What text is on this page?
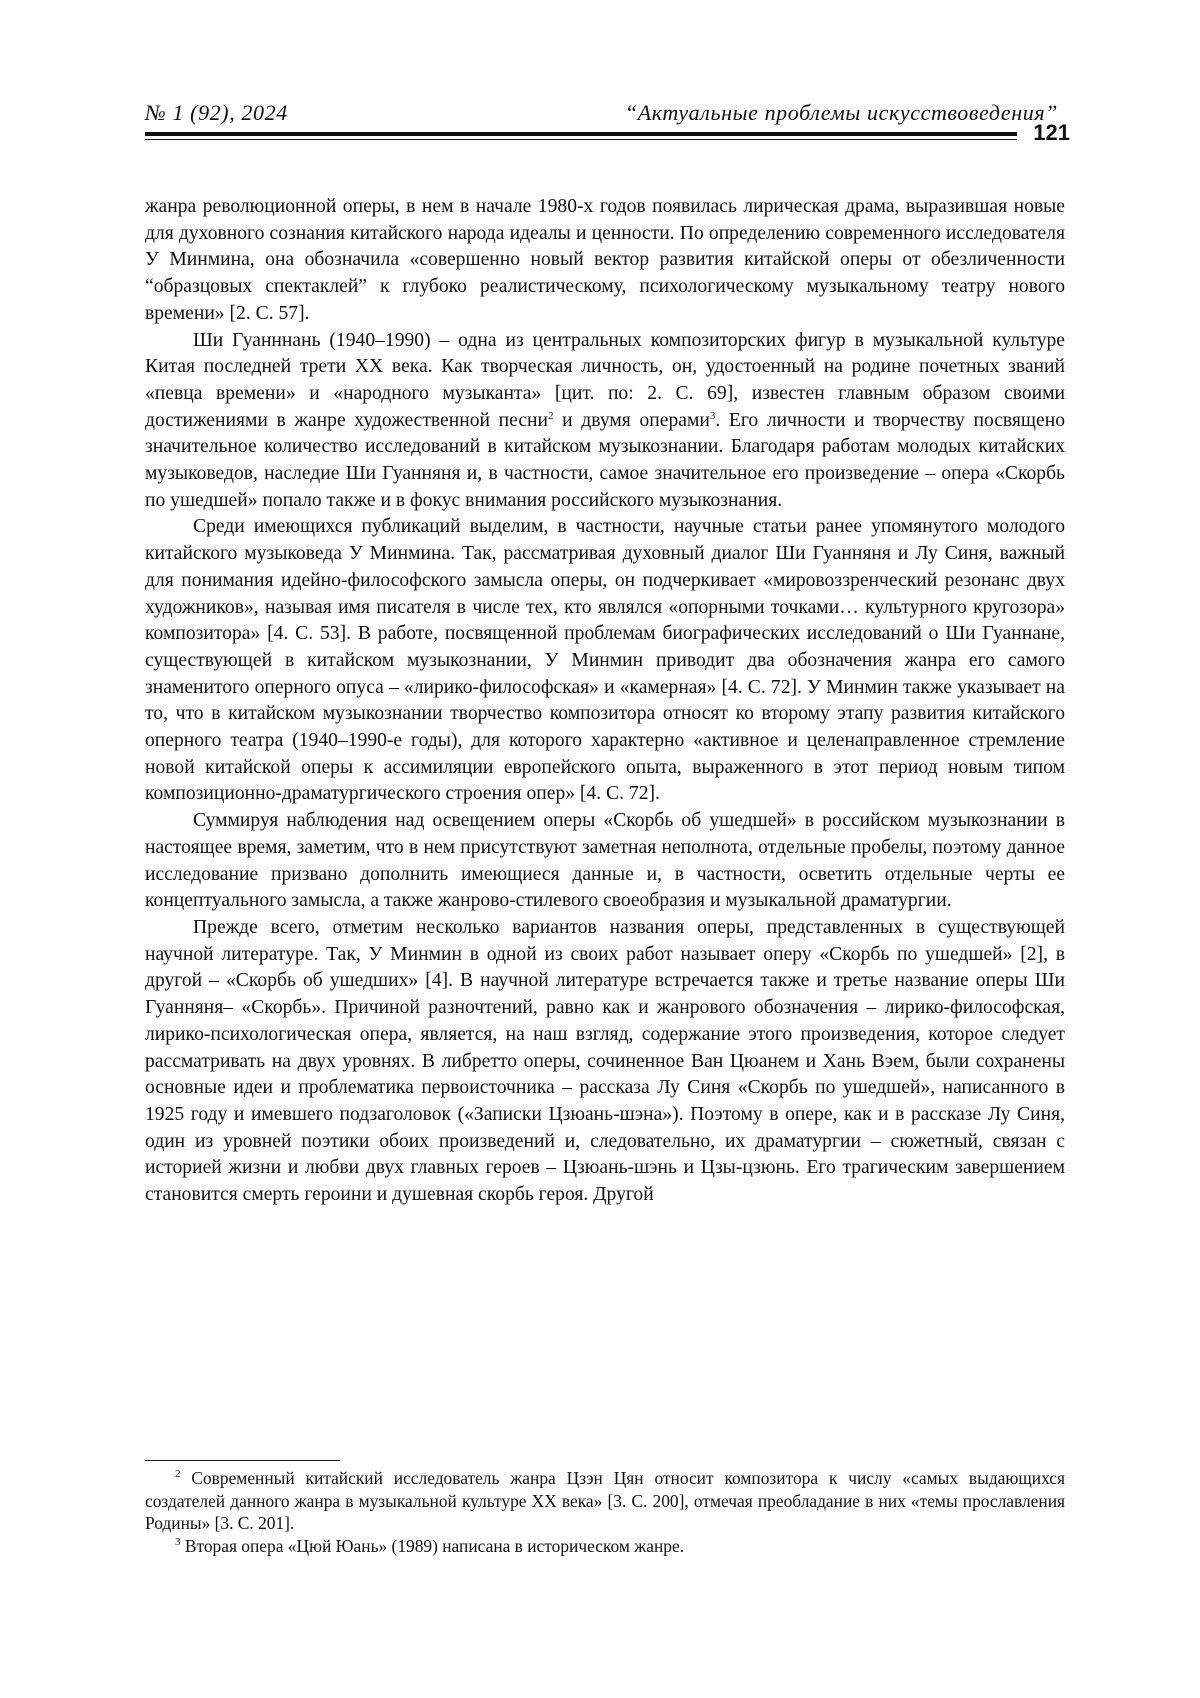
№ 1 (92), 2024	“Актуальные проблемы искусствоведения”
121

жанра революционной оперы, в нем в начале 1980-х годов появилась лирическая драма, выразившая новые для духовного сознания китайского народа идеалы и ценности. По определению современного исследователя У Минмина, она обозначила «совершенно новый вектор развития китайской оперы от обезличенности “образцовых спектаклей” к глубоко реалистическому, психологическому музыкальному театру нового времени» [2. С. 57].

Ши Гуанннань (1940–1990) – одна из центральных композиторских фигур в музыкальной культуре Китая последней трети XX века. Как творческая личность, он, удостоенный на родине почетных званий «певца времени» и «народного музыканта» [цит. по: 2. С. 69], известен главным образом своими достижениями в жанре художественной песни2 и двумя операми3. Его личности и творчеству посвящено значительное количество исследований в китайском музыкознании. Благодаря работам молодых китайских музыковедов, наследие Ши Гуанняня и, в частности, самое значительное его произведение – опера «Скорбь по ушедшей» попало также и в фокус внимания российского музыкознания.

Среди имеющихся публикаций выделим, в частности, научные статьи ранее упомянутого молодого китайского музыковеда У Минмина. Так, рассматривая духовный диалог Ши Гуанняня и Лу Синя, важный для понимания идейно-философского замысла оперы, он подчеркивает «мировоззренческий резонанс двух художников», называя имя писателя в числе тех, кто являлся «опорными точками… культурного кругозора» композитора» [4. С. 53]. В работе, посвященной проблемам биографических исследований о Ши Гуаннане, существующей в китайском музыкознании, У Минмин приводит два обозначения жанра его самого знаменитого оперного опуса – «лирико-философская» и «камерная» [4. С. 72]. У Минмин также указывает на то, что в китайском музыкознании творчество композитора относят ко второму этапу развития китайского оперного театра (1940–1990-е годы), для которого характерно «активное и целенаправленное стремление новой китайской оперы к ассимиляции европейского опыта, выраженного в этот период новым типом композиционно-драматургического строения опер» [4. С. 72].

Суммируя наблюдения над освещением оперы «Скорбь об ушедшей» в российском музыкознании в настоящее время, заметим, что в нем присутствуют заметная неполнота, отдельные пробелы, поэтому данное исследование призвано дополнить имеющиеся данные и, в частности, осветить отдельные черты ее концептуального замысла, а также жанрово-стилевого своеобразия и музыкальной драматургии.

Прежде всего, отметим несколько вариантов названия оперы, представленных в существующей научной литературе. Так, У Минмин в одной из своих работ называет оперу «Скорбь по ушедшей» [2], в другой – «Скорбь об ушедших» [4]. В научной литературе встречается также и третье название оперы Ши Гуанняня– «Скорбь». Причиной разночтений, равно как и жанрового обозначения – лирико-философская, лирико-психологическая опера, является, на наш взгляд, содержание этого произведения, которое следует рассматривать на двух уровнях. В либретто оперы, сочиненное Ван Цюанем и Хань Вэем, были сохранены основные идеи и проблематика первоисточника – рассказа Лу Синя «Скорбь по ушедшей», написанного в 1925 году и имевшего подзаголовок («Записки Цзюань-шэна»). Поэтому в опере, как и в рассказе Лу Синя, один из уровней поэтики обоих произведений и, следовательно, их драматургии – сюжетный, связан с историей жизни и любви двух главных героев – Цзюань-шэнь и Цзы-цзюнь. Его трагическим завершением становится смерть героини и душевная скорбь героя. Другой

2 Современный китайский исследователь жанра Цзэн Цян относит композитора к числу «самых выдающихся создателей данного жанра в музыкальной культуре XX века» [3. С. 200], отмечая преобладание в них «темы прославления Родины» [3. С. 201].

3 Вторая опера «Цюй Юань» (1989) написана в историческом жанре.
